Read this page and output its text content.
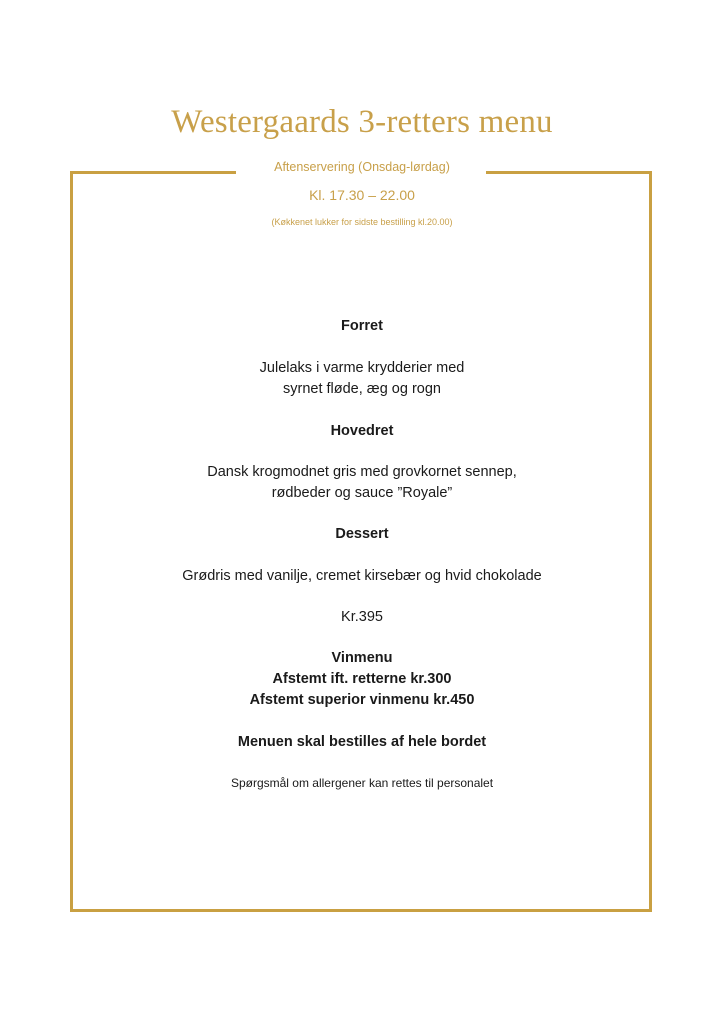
Westergaards 3-retters menu
Aftenservering (Onsdag-lørdag)
Kl. 17.30 – 22.00
(Køkkenet lukker for sidste bestilling kl.20.00)
Forret
Julelaks i varme krydderier med
syrnet fløde, æg og rogn
Hovedret
Dansk krogmodnet gris med grovkornet sennep,
rødbeder og sauce ”Royale”
Dessert
Grødris med vanilje, cremet kirsebær og hvid chokolade
Kr.395
Vinmenu
Afstemt ift. retterne kr.300
Afstemt superior vinmenu kr.450
Menuen skal bestilles af hele bordet
Spørgsmål om allergener kan rettes til personalet
